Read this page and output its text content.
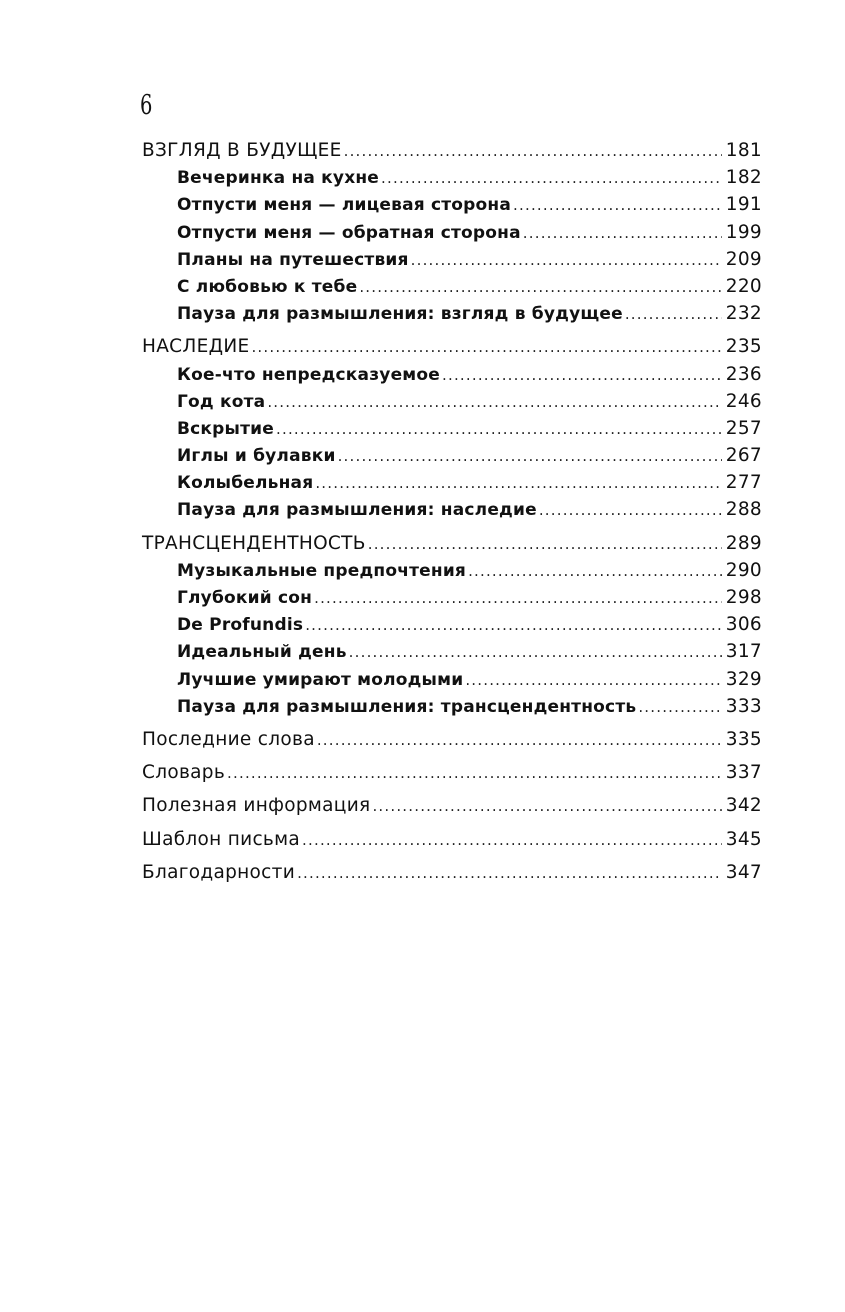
6
ВЗГЛЯД В БУДУЩЕЕ .....	181
Вечеринка на кухне .....	182
Отпусти меня — лицевая сторона .....	191
Отпусти меня — обратная сторона .....	199
Планы на путешествия .....	209
С любовью к тебе .....	220
Пауза для размышления: взгляд в будущее .....	232
НАСЛЕДИЕ .....	235
Кое-что непредсказуемое .....	236
Год кота .....	246
Вскрытие .....	257
Иглы и булавки .....	267
Колыбельная .....	277
Пауза для размышления: наследие .....	288
ТРАНСЦЕНДЕНТНОСТЬ .....	289
Музыкальные предпочтения .....	290
Глубокий сон .....	298
De Profundis .....	306
Идеальный день .....	317
Лучшие умирают молодыми .....	329
Пауза для размышления: трансцендентность .....	333
Последние слова .....	335
Словарь .....	337
Полезная информация .....	342
Шаблон письма .....	345
Благодарности .....	347
